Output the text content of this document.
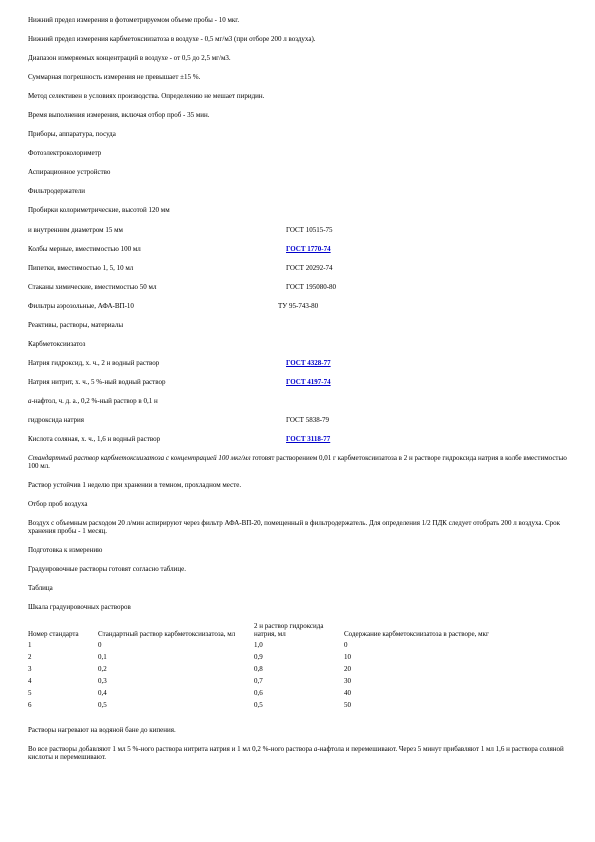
Нижний предел измерения в фотометрируемом объеме пробы - 10 мкг.

Нижний предел измерения карбметоксиизатоза в воздухе - 0,5 мг/м3 (при отборе 200 л воздуха).

Диапазон измеряемых концентраций в воздухе - от 0,5 до 2,5 мг/м3.

Суммарная погрешность измерения не превышает ±15 %.

Метод селективен в условиях производства. Определению не мешает пиридин.

Время выполнения измерения, включая отбор проб - 35 мин.

Приборы, аппаратура, посуда

Фотоэлектроколориметр

Аспирационное устройство

Фильтродержатели

Пробирки колориметрические, высотой 120 мм

и внутренним диаметром 15 мм	ГОСТ 10515-75
Колбы мерные, вместимостью 100 мл	ГОСТ 1770-74
Пипетки, вместимостью 1, 5, 10 мл	ГОСТ 20292-74
Стаканы химические, вместимостью 50 мл	ГОСТ 195080-80
Фильтры аэрозольные, АФА-ВП-10	ТУ 95-743-80

Реактивы, растворы, материалы

Карбметоксиизатоз

Натрия гидроксид, х. ч., 2 н водный раствор	ГОСТ 4328-77
Натрия нитрит, х. ч., 5 %-ный водный раствор	ГОСТ 4197-74

a-нафтол, ч. д. а., 0,2 %-ный раствор в 0,1 н

гидроксида натрия	ГОСТ 5838-79
Кислота соляная, х. ч., 1,6 н водный раствор	ГОСТ 3118-77

Стандартный раствор карбметоксиизатоза с концентрацией 100 мкг/мл готовят растворением 0,01 г карбметоксиизатоза в 2 н растворе гидроксида натрия в колбе вместимостью 100 мл.

Раствор устойчив 1 неделю при хранении в темном, прохладном месте.

Отбор проб воздуха

Воздух с объемным расходом 20 л/мин аспирируют через фильтр АФА-ВП-20, помещенный в фильтродержатель. Для определения 1/2 ПДК следует отобрать 200 л воздуха. Срок хранения пробы - 1 месяц.

Подготовка к измерению

Градуировочные растворы готовят согласно таблице.

Таблица

Шкала градуировочных растворов

Номер стандарта	Стандартный раствор карбметоксиизатоза, мл	2 н раствор гидроксида натрия, мл	Содержание карбметоксиизатоза в растворе, мкг
1	0	1,0	0
2	0,1	0,9	10
3	0,2	0,8	20
4	0,3	0,7	30
5	0,4	0,6	40
6	0,5	0,5	50

Растворы нагревают на водяной бане до кипения.

Во все растворы добавляют 1 мл 5 %-ного раствора нитрита натрия и 1 мл 0,2 %-ного раствора a-нафтола и перемешивают. Через 5 минут прибавляют 1 мл 1,6 н раствора соляной кислоты и перемешивают.
